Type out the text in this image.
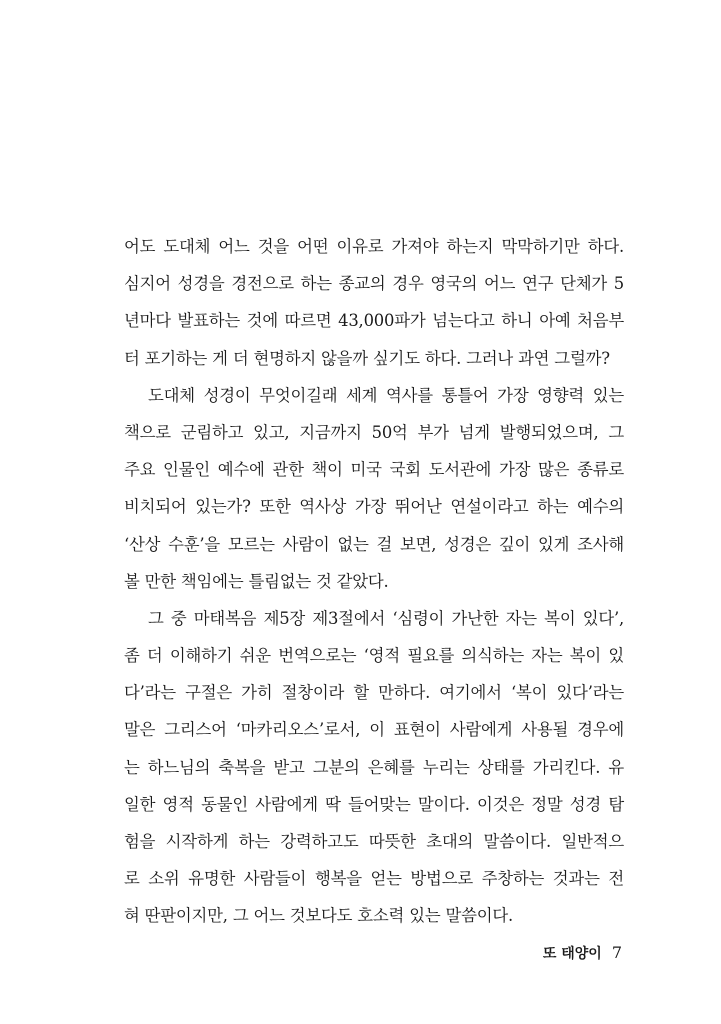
어도 도대체 어느 것을 어떤 이유로 가져야 하는지 막막하기만 하다.
심지어 성경을 경전으로 하는 종교의 경우 영국의 어느 연구 단체가 5
년마다 발표하는 것에 따르면 43,000파가 넘는다고 하니 아예 처음부
터 포기하는 게 더 현명하지 않을까 싶기도 하다. 그러나 과연 그럴까?
도대체 성경이 무엇이길래 세계 역사를 통틀어 가장 영향력 있는
책으로 군림하고 있고, 지금까지 50억 부가 넘게 발행되었으며, 그
주요 인물인 예수에 관한 책이 미국 국회 도서관에 가장 많은 종류로
비치되어 있는가? 또한 역사상 가장 뛰어난 연설이라고 하는 예수의
‘산상 수훈’을 모르는 사람이 없는 걸 보면, 성경은 깊이 있게 조사해
볼 만한 책임에는 틀림없는 것 같았다.
그 중 마태복음 제5장 제3절에서 ‘심령이 가난한 자는 복이 있다’,
좀 더 이해하기 쉬운 번역으로는 ‘영적 필요를 의식하는 자는 복이 있
다’라는 구절은 가히 절창이라 할 만하다. 여기에서 ‘복이 있다’라는
말은 그리스어 ‘마카리오스’로서, 이 표현이 사람에게 사용될 경우에
는 하느님의 축복을 받고 그분의 은혜를 누리는 상태를 가리킨다. 유
일한 영적 동물인 사람에게 딱 들어맞는 말이다. 이것은 정말 성경 탐
험을 시작하게 하는 강력하고도 따뜻한 초대의 말씀이다. 일반적으
로 소위 유명한 사람들이 행복을 얻는 방법으로 주창하는 것과는 전
혀 딴판이지만, 그 어느 것보다도 호소력 있는 말씀이다.
또 태양이 7
